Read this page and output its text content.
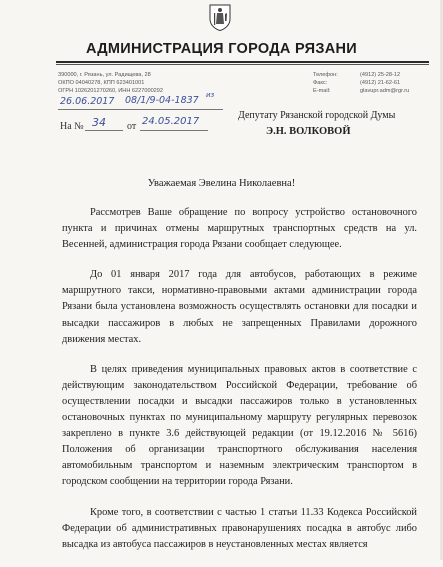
АДМИНИСТРАЦИЯ ГОРОДА РЯЗАНИ
390000, г. Рязань, ул. Радищева, 28
ОКПО 04040278, КПП 623401001
ОГРН 1026201270260, ИНН 6227000292
Телефон:
Факс:
E-mail:
(4912) 25-28-12
(4912) 21-62-61
glavupr.adm@rgr.ru
26.06.2017 08/1/9-04-1837 из
На № 34 от 24.05.2017
Депутату Рязанской городской Думы
Э.Н. ВОЛКОВОЙ
Уважаемая Эвелина Николаевна!

Рассмотрев Ваше обращение по вопросу устройство остановочного пункта и причинах отмены маршрутных транспортных средств на ул. Весенней, администрация города Рязани сообщает следующее.

До 01 января 2017 года для автобусов, работающих в режиме маршрутного такси, нормативно-правовыми актами администрации города Рязани была установлена возможность осуществлять остановки для посадки и высадки пассажиров в любых не запрещенных Правилами дорожного движения местах.

В целях приведения муниципальных правовых актов в соответствие с действующим законодательством Российской Федерации, требование об осуществлении посадки и высадки пассажиров только в установленных остановочных пунктах по муниципальному маршруту регулярных перевозок закреплено в пункте 3.6 действующей редакции (от 19.12.2016 № 5616) Положения об организации транспортного обслуживания населения автомобильным транспортом и наземным электрическим транспортом в городском сообщении на территории города Рязани.

Кроме того, в соответствии с частью 1 статьи 11.33 Кодекса Российской Федерации об административных правонарушениях посадка в автобус либо высадка из автобуса пассажиров в неустановленных местах является
